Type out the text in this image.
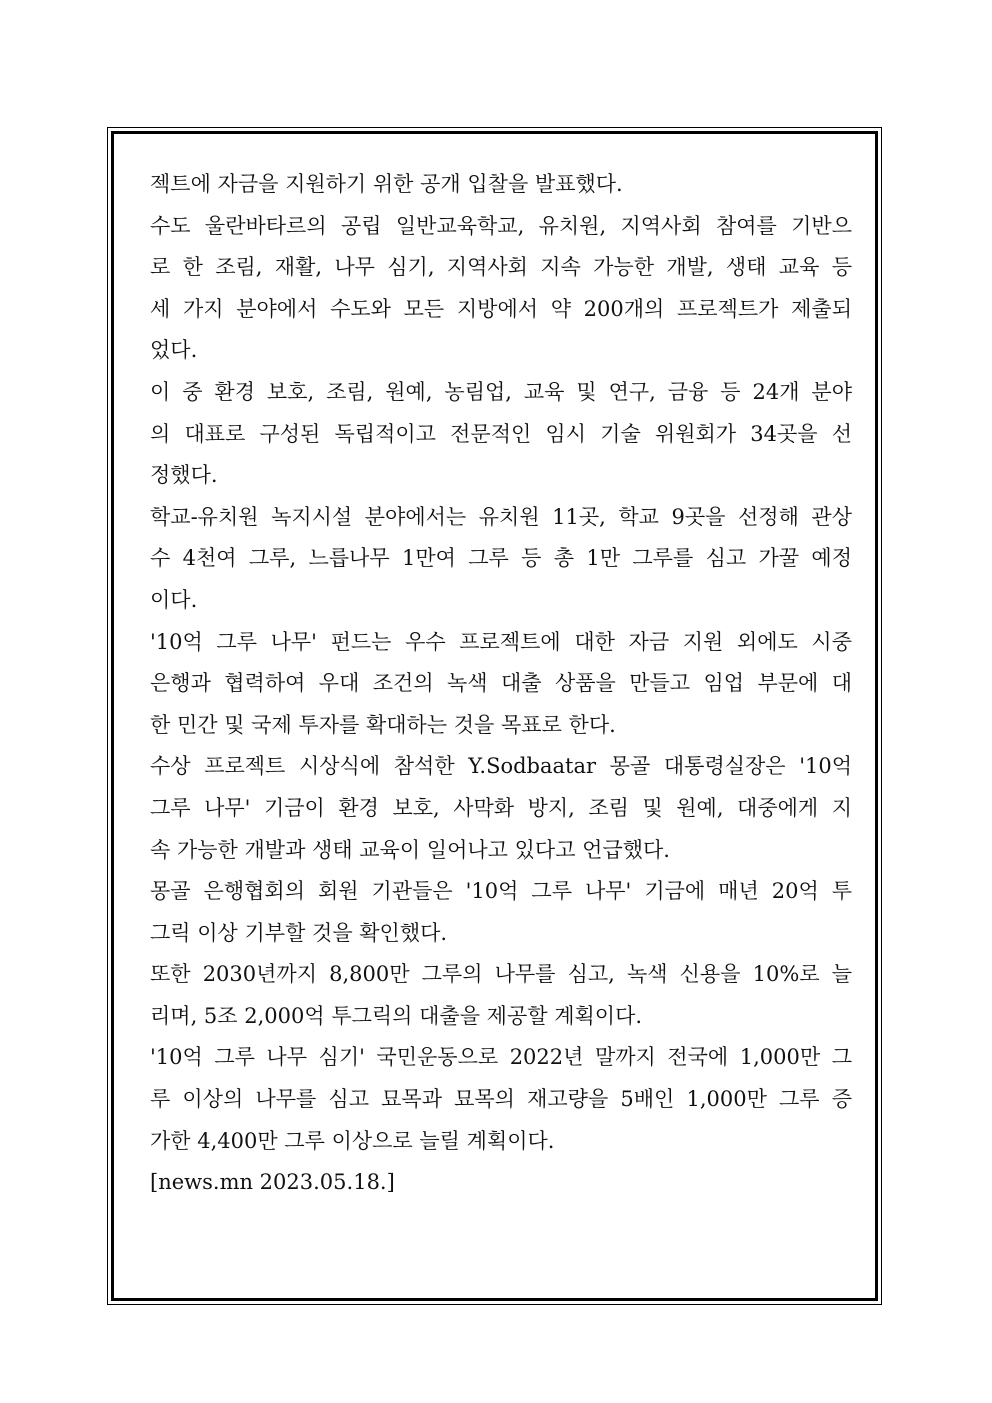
젝트에 자금을 지원하기 위한 공개 입찰을 발표했다.
수도 울란바타르의 공립 일반교육학교, 유치원, 지역사회 참여를 기반으
로 한 조림, 재활, 나무 심기, 지역사회 지속 가능한 개발, 생태 교육 등
세 가지 분야에서 수도와 모든 지방에서 약 200개의 프로젝트가 제출되
었다.
이 중 환경 보호, 조림, 원예, 농림업, 교육 및 연구, 금융 등 24개 분야
의 대표로 구성된 독립적이고 전문적인 임시 기술 위원회가 34곳을 선
정했다.
학교-유치원 녹지시설 분야에서는 유치원 11곳, 학교 9곳을 선정해 관상
수 4천여 그루, 느릅나무 1만여 그루 등 총 1만 그루를 심고 가꿀 예정
이다.
'10억 그루 나무' 펀드는 우수 프로젝트에 대한 자금 지원 외에도 시중
은행과 협력하여 우대 조건의 녹색 대출 상품을 만들고 임업 부문에 대
한 민간 및 국제 투자를 확대하는 것을 목표로 한다.
수상 프로젝트 시상식에 참석한 Y.Sodbaatar 몽골 대통령실장은 '10억
그루 나무' 기금이 환경 보호, 사막화 방지, 조림 및 원예, 대중에게 지
속 가능한 개발과 생태 교육이 일어나고 있다고 언급했다.
몽골 은행협회의 회원 기관들은 '10억 그루 나무' 기금에 매년 20억 투
그릭 이상 기부할 것을 확인했다.
또한 2030년까지 8,800만 그루의 나무를 심고, 녹색 신용을 10%로 늘
리며, 5조 2,000억 투그릭의 대출을 제공할 계획이다.
'10억 그루 나무 심기' 국민운동으로 2022년 말까지 전국에 1,000만 그
루 이상의 나무를 심고 묘목과 묘목의 재고량을 5배인 1,000만 그루 증
가한 4,400만 그루 이상으로 늘릴 계획이다.
[news.mn 2023.05.18.]
